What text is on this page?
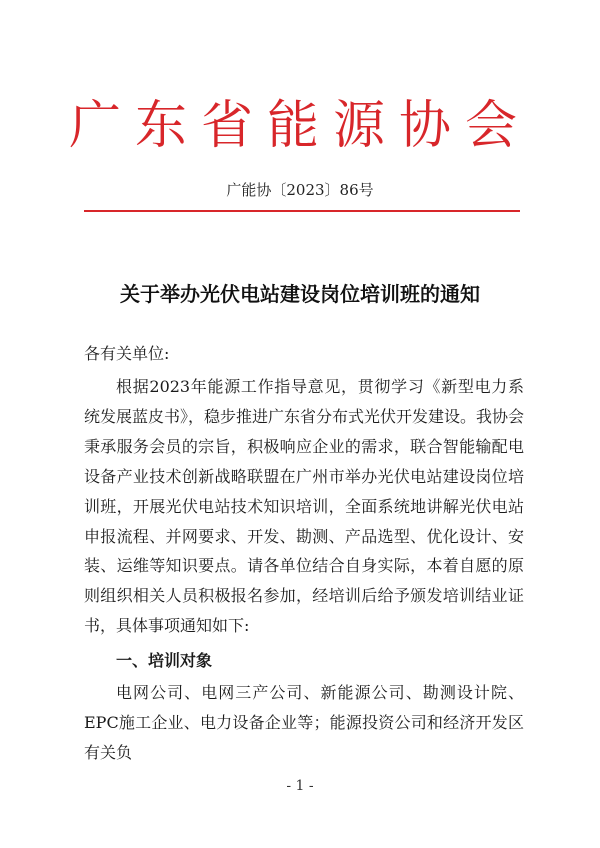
广东省能源协会
广能协〔2023〕86号
关于举办光伏电站建设岗位培训班的通知
各有关单位:

根据2023年能源工作指导意见，贯彻学习《新型电力系统发展蓝皮书》，稳步推进广东省分布式光伏开发建设。我协会秉承服务会员的宗旨，积极响应企业的需求，联合智能输配电设备产业技术创新战略联盟在广州市举办光伏电站建设岗位培训班，开展光伏电站技术知识培训，全面系统地讲解光伏电站申报流程、并网要求、开发、勘测、产品选型、优化设计、安装、运维等知识要点。请各单位结合自身实际，本着自愿的原则组织相关人员积极报名参加，经培训后给予颁发培训结业证书，具体事项通知如下:

一、培训对象

电网公司、电网三产公司、新能源公司、勘测设计院、EPC施工企业、电力设备企业等；能源投资公司和经济开发区有关负

- 1 -
